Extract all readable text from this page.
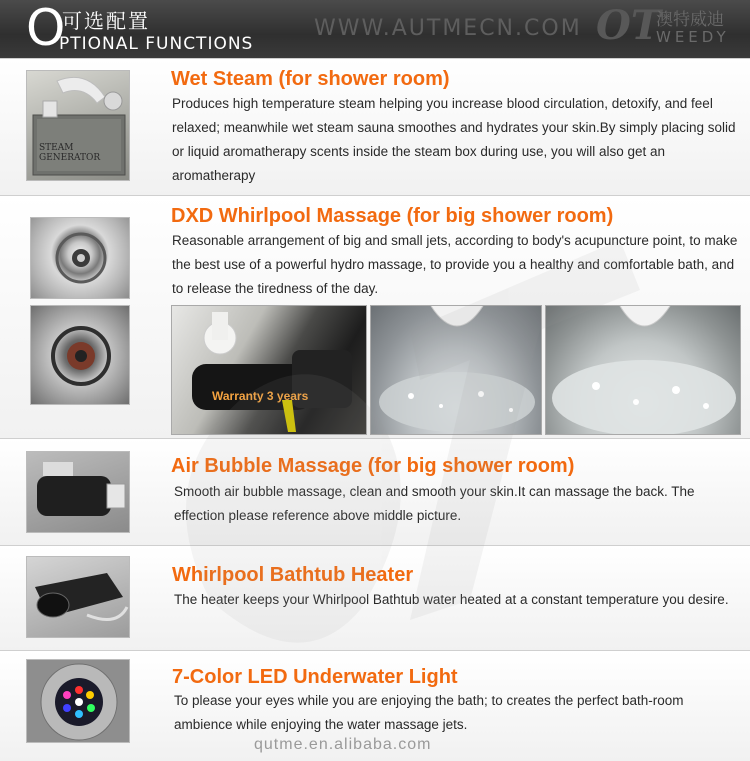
O
可选配置
PTIONAL FUNCTIONS
WWW.AUTMECN.COM OT
澳特威迪
WEEDY
STEAM GENERATOR
Wet Steam (for shower room)
Produces high temperature steam helping you increase blood circulation, detoxify, and feel relaxed; meanwhile wet steam sauna smoothes and hydrates your skin.By simply placing solid or liquid aromatherapy scents inside the steam box during use, you will also get an aromatherapy
DXD Whirlpool Massage (for big shower room)
Reasonable arrangement of big and small jets, according to body's acupuncture point, to make the best use of a powerful hydro massage, to provide you a healthy and comfortable bath, and to release the tiredness of the day.
Warranty 3 years
Air Bubble Massage (for big shower room)
Smooth air bubble massage, clean and smooth your skin.It can massage the back. The effection please reference above middle picture.
Whirlpool Bathtub Heater
The heater keeps your Whirlpool Bathtub water heated at a constant temperature you desire.
7-Color LED Underwater Light
To please your eyes while you are enjoying the bath; to creates the perfect bath-room ambience while enjoying the water massage jets.
qutme.en.alibaba.com
